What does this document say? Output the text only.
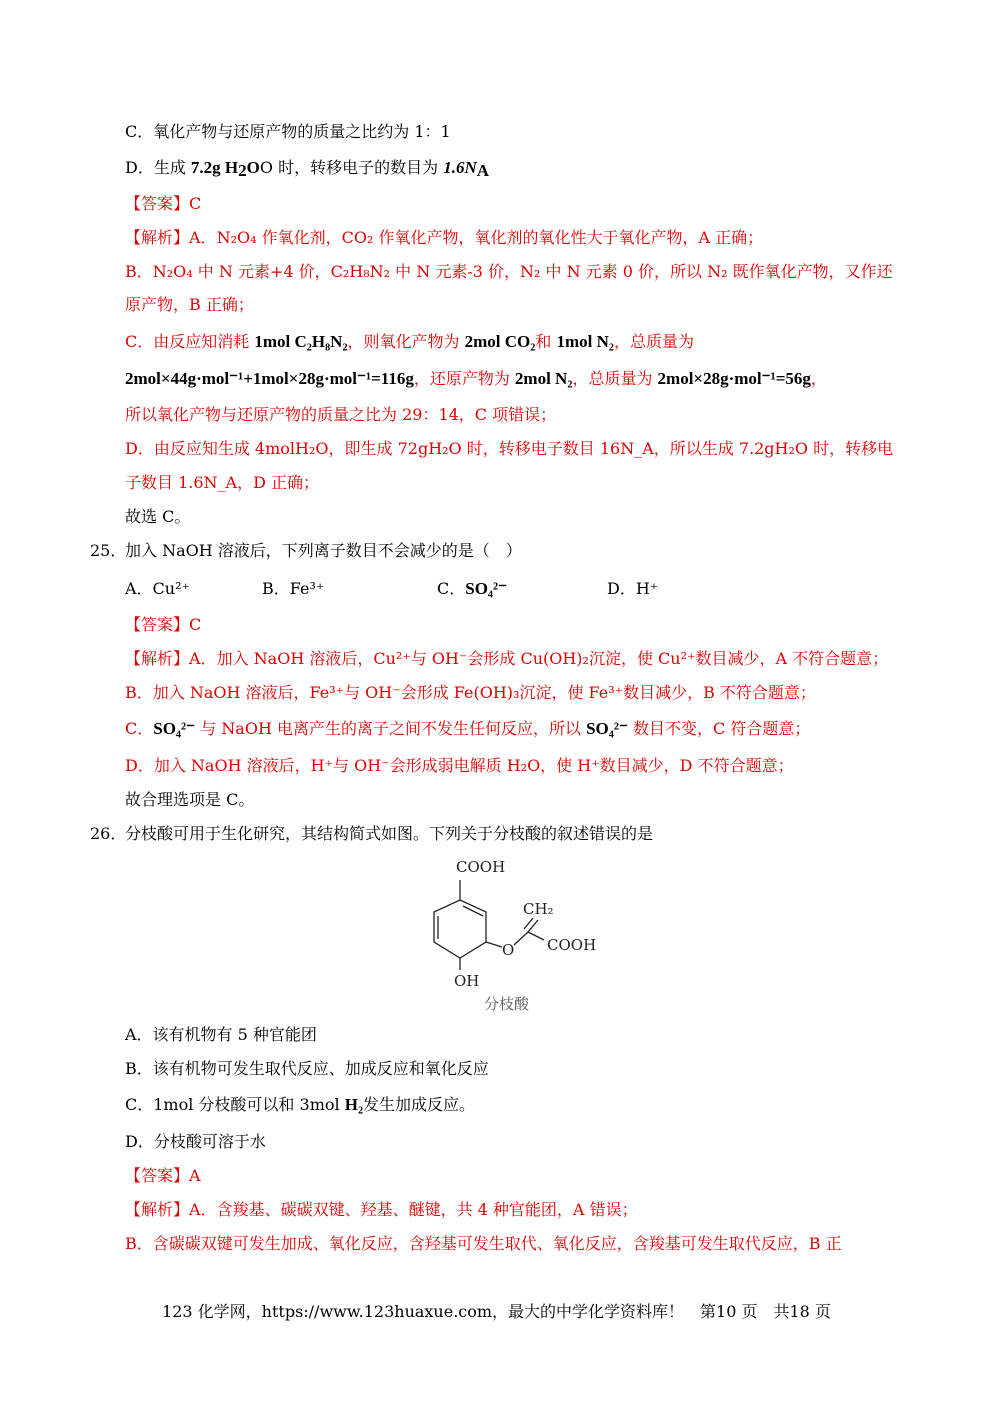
C．氧化产物与还原产物的质量之比约为 1：1
D．生成 7.2g $H_2OO$ 时，转移电子的数目为 $1.6N_A$
【答案】C
【解析】A．N₂O₄ 作氧化剂，CO₂ 作氧化产物，氧化剂的氧化性大于氧化产物，A 正确；
B．N₂O₄ 中 N 元素+4 价，C₂H₈N₂ 中 N 元素-3 价，N₂ 中 N 元素 0 价，所以 N₂ 既作氧化产物，又作还
原产物，B 正确；
C．由反应知消耗 1mol C₂H₈N₂，则氧化产物为 2mol CO₂和 1mol N₂，总质量为
2mol×44g·mol⁻¹+1mol×28g·mol⁻¹=116g，还原产物为 2mol N₂，总质量为 2mol×28g·mol⁻¹=56g，
所以氧化产物与还原产物的质量之比为 29：14，C 项错误；
D．由反应知生成 4molH₂O，即生成 72gH₂O 时，转移电子数目 16N_A，所以生成 7.2gH₂O 时，转移电
子数目 1.6N_A，D 正确；
故选 C。
25．
加入 NaOH 溶液后，下列离子数目不会减少的是（　）
A．Cu²⁺	B．Fe³⁺	C．SO₄²⁻	D．H⁺
【答案】C
【解析】A．加入 NaOH 溶液后，Cu²⁺与 OH⁻会形成 Cu(OH)₂沉淀，使 Cu²⁺数目减少，A 不符合题意；
B．加入 NaOH 溶液后，Fe³⁺与 OH⁻会形成 Fe(OH)₃沉淀，使 Fe³⁺数目减少，B 不符合题意；
C．SO₄²⁻ 与 NaOH 电离产生的离子之间不发生任何反应，所以 SO₄²⁻ 数目不变，C 符合题意；
D．加入 NaOH 溶液后，H⁺与 OH⁻会形成弱电解质 H₂O，使 H⁺数目减少，D 不符合题意；
故合理选项是 C。
26．
分枝酸可用于生化研究，其结构简式如图。下列关于分枝酸的叙述错误的是
COOH
CH₂
COOH
O
OH
分枝酸
A．该有机物有 5 种官能团
B．该有机物可发生取代反应、加成反应和氧化反应
C．1mol 分枝酸可以和 3mol H₂发生加成反应。
D．分枝酸可溶于水
【答案】A
【解析】A．含羧基、碳碳双键、羟基、醚键，共 4 种官能团，A 错误；
B．含碳碳双键可发生加成、氧化反应，含羟基可发生取代、氧化反应，含羧基可发生取代反应，B 正
123 化学网，https://www.123huaxue.com，最大的中学化学资料库！　第10 页　共18 页
